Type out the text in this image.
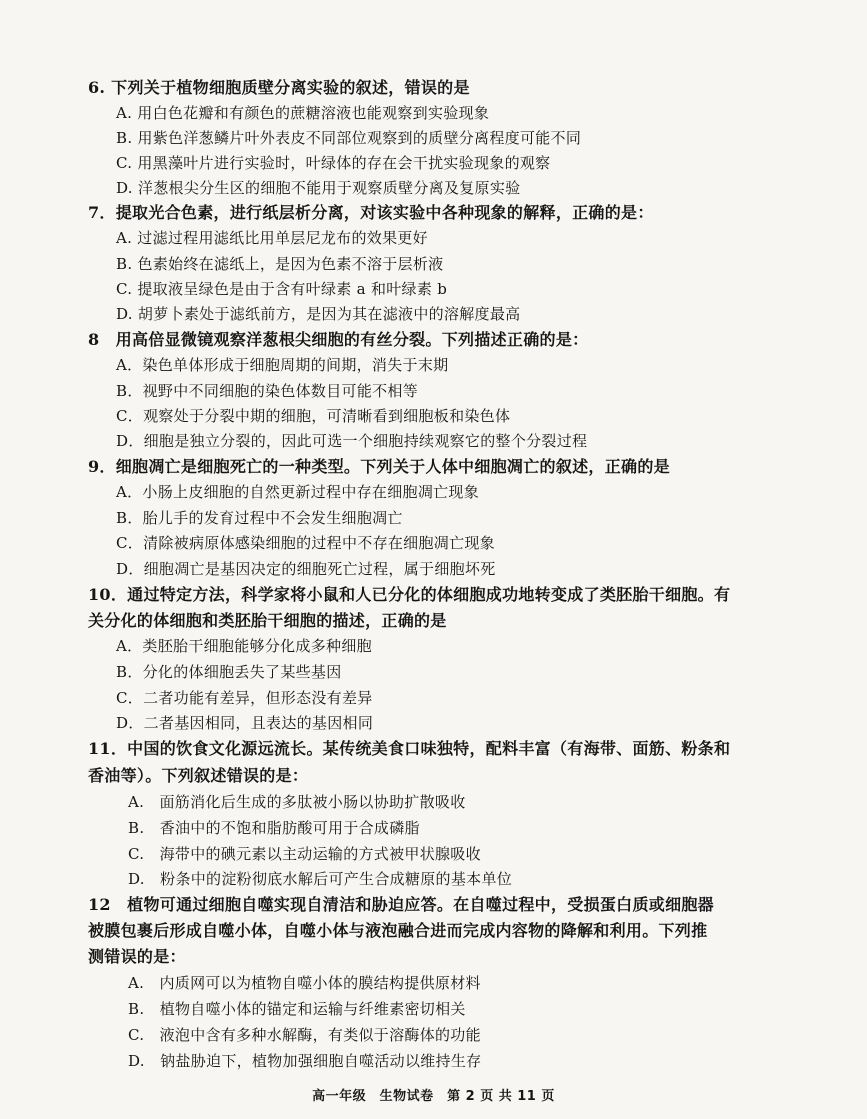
6. 下列关于植物细胞质壁分离实验的叙述，错误的是
A. 用白色花瓣和有颜色的蔗糖溶液也能观察到实验现象
B. 用紫色洋葱鳞片叶外表皮不同部位观察到的质壁分离程度可能不同
C. 用黑藻叶片进行实验时，叶绿体的存在会干扰实验现象的观察
D. 洋葱根尖分生区的细胞不能用于观察质壁分离及复原实验
7．提取光合色素，进行纸层析分离，对该实验中各种现象的解释，正确的是：
A. 过滤过程用滤纸比用单层尼龙布的效果更好
B. 色素始终在滤纸上，是因为色素不溶于层析液
C. 提取液呈绿色是由于含有叶绿素 a 和叶绿素 b
D. 胡萝卜素处于滤纸前方，是因为其在滤液中的溶解度最高
8　用高倍显微镜观察洋葱根尖细胞的有丝分裂。下列描述正确的是：
A．染色单体形成于细胞周期的间期，消失于末期
B．视野中不同细胞的染色体数目可能不相等
C．观察处于分裂中期的细胞，可清晰看到细胞板和染色体
D．细胞是独立分裂的，因此可选一个细胞持续观察它的整个分裂过程
9．细胞凋亡是细胞死亡的一种类型。下列关于人体中细胞凋亡的叙述，正确的是
A．小肠上皮细胞的自然更新过程中存在细胞凋亡现象
B．胎儿手的发育过程中不会发生细胞凋亡
C．清除被病原体感染细胞的过程中不存在细胞凋亡现象
D．细胞凋亡是基因决定的细胞死亡过程，属于细胞坏死
10．通过特定方法，科学家将小鼠和人已分化的体细胞成功地转变成了类胚胎干细胞。有
关分化的体细胞和类胚胎干细胞的描述，正确的是
A．类胚胎干细胞能够分化成多种细胞
B．分化的体细胞丢失了某些基因
C．二者功能有差异，但形态没有差异
D．二者基因相同，且表达的基因相同
11．中国的饮食文化源远流长。某传统美食口味独特，配料丰富（有海带、面筋、粉条和
香油等）。下列叙述错误的是：
A.　面筋消化后生成的多肽被小肠以协助扩散吸收
B.　香油中的不饱和脂肪酸可用于合成磷脂
C.　海带中的碘元素以主动运输的方式被甲状腺吸收
D.　粉条中的淀粉彻底水解后可产生合成糖原的基本单位
12　植物可通过细胞自噬实现自清洁和胁迫应答。在自噬过程中，受损蛋白质或细胞器
被膜包裹后形成自噬小体，自噬小体与液泡融合进而完成内容物的降解和利用。下列推
测错误的是：
A.　内质网可以为植物自噬小体的膜结构提供原材料
B.　植物自噬小体的锚定和运输与纤维素密切相关
C.　液泡中含有多种水解酶，有类似于溶酶体的功能
D.　钠盐胁迫下，植物加强细胞自噬活动以维持生存
高一年级　生物试卷　第 2 页 共 11 页
